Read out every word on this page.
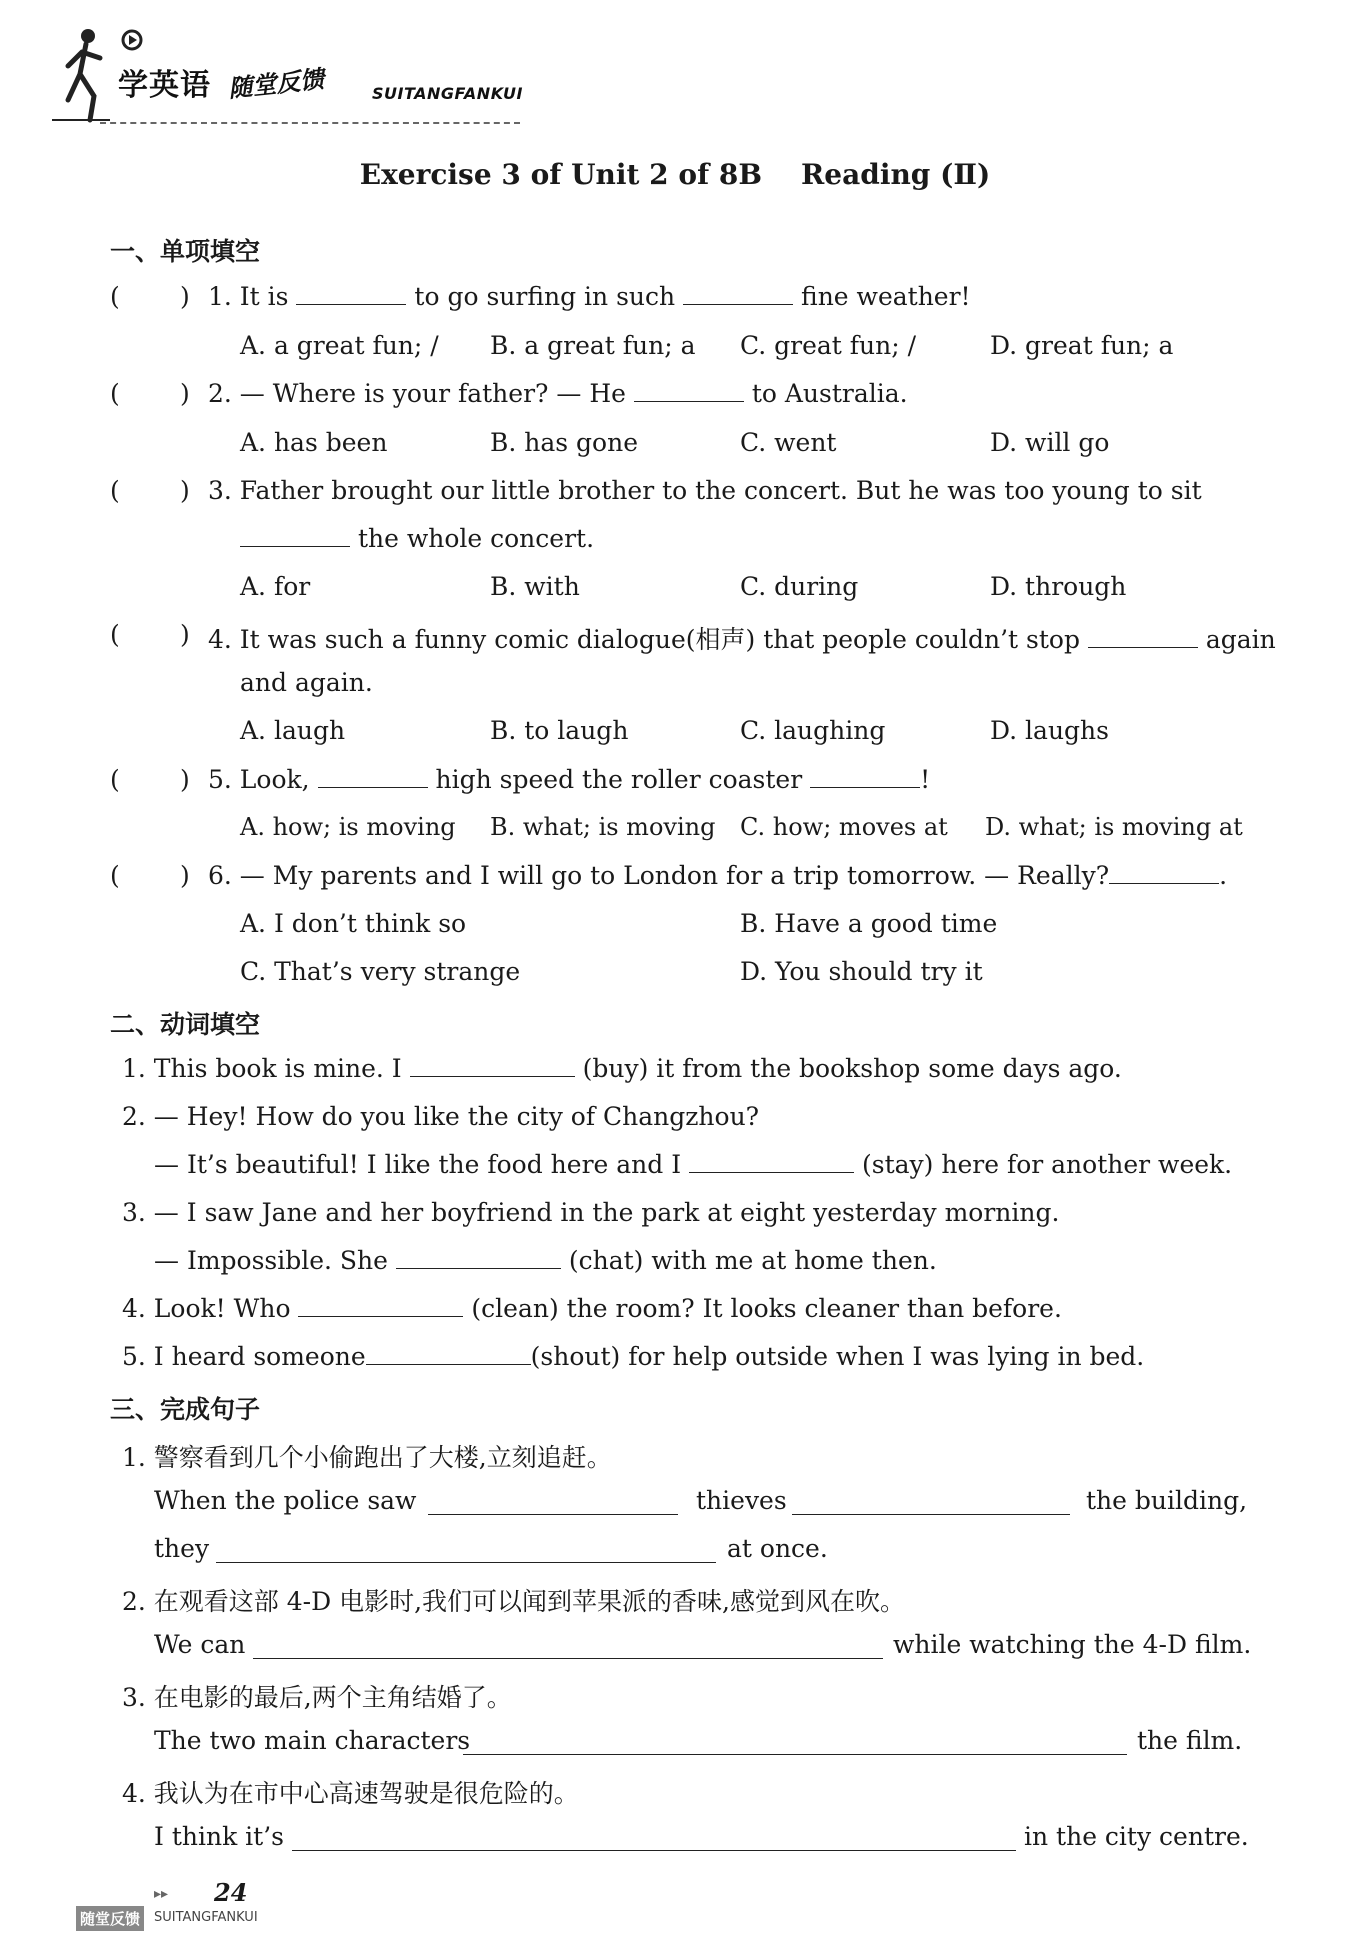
学英语 随堂反馈	SUITANGFANKUI
Exercise 3 of Unit 2 of 8B    Reading (Ⅱ)
一、单项填空
( ) 1. It is	to go surfing in such	fine weather!
A. a great fun; / B. a great fun; a C. great fun; /	D. great fun; a
( ) 2. — Where is your father? — He	to Australia.
A. has been	B. has gone	C. went	D. will go
( ) 3. Father brought our little brother to the concert. But he was too young to sit
the whole concert.
A. for	B. with	C. during	D. through
( ) 4. It was such a funny comic dialogue(相声) that people couldn’t stop	again
and again.
A. laugh	B. to laugh	C. laughing	D. laughs
( ) 5. Look,	high speed the roller coaster	!
A. how; is moving B. what; is moving C. how; moves at D. what; is moving at
( ) 6. — My parents and I will go to London for a trip tomorrow. — Really?	.
A. I don’t think so	B. Have a good time
C. That’s very strange	D. You should try it
二、动词填空
1. This book is mine. I	(buy) it from the bookshop some days ago.
2. — Hey! How do you like the city of Changzhou?
— It’s beautiful! I like the food here and I	(stay) here for another week.
3. — I saw Jane and her boyfriend in the park at eight yesterday morning.
— Impossible. She	(chat) with me at home then.
4. Look! Who	(clean) the room? It looks cleaner than before.
5. I heard someone	(shout) for help outside when I was lying in bed.
三、完成句子
1. 警察看到几个小偷跑出了大楼,立刻追赶。
When the police saw	thieves	the building,
they	at once.
2. 在观看这部 4-D 电影时,我们可以闻到苹果派的香味,感觉到风在吹。
We can	while watching the 4-D film.
3. 在电影的最后,两个主角结婚了。
The two main characters	the film.
4. 我认为在市中心高速驾驶是很危险的。
I think it’s	in the city centre.
▸▸ 24
随堂反馈	SUITANGFANKUI
